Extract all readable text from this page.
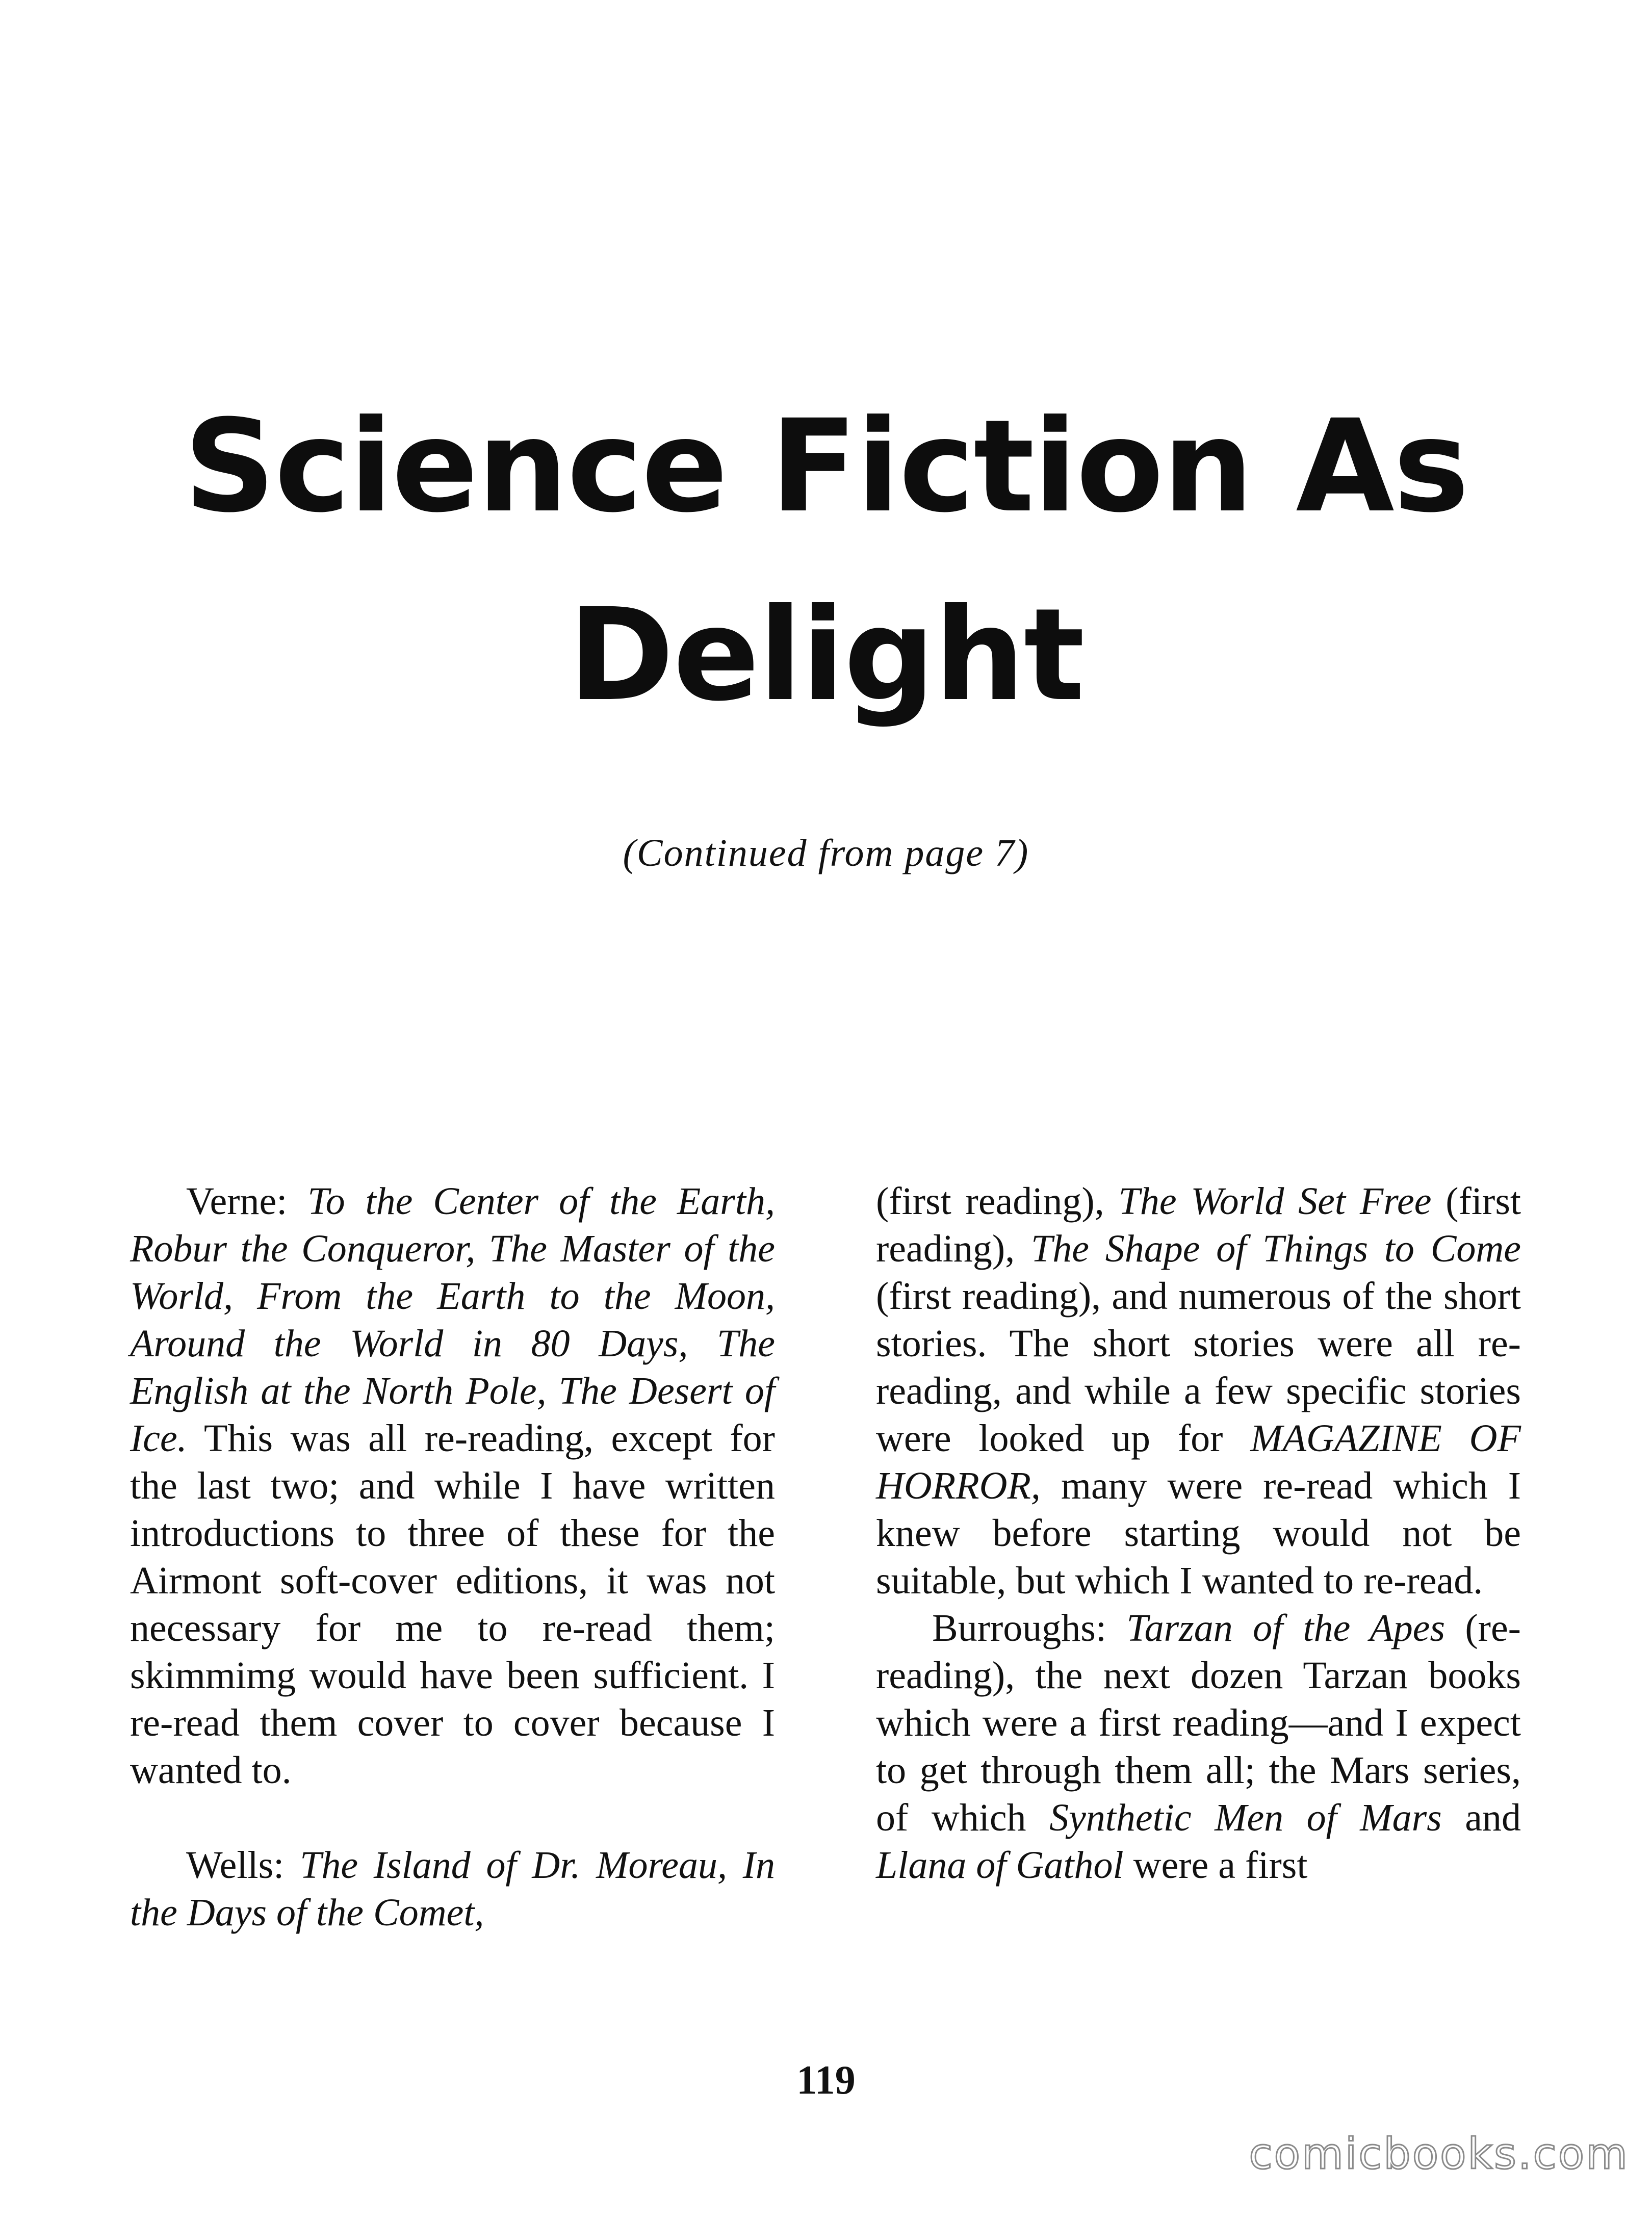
Science Fiction As
Delight
(Continued from page 7)

Verne: To the Center of the Earth, Robur the Conqueror, The Master of the World, From the Earth to the Moon, Around the World in 80 Days, The English at the North Pole, The Desert of Ice. This was all re-reading, except for the last two; and while I have written introductions to three of these for the Airmont soft-cover editions, it was not necessary for me to re-read them; skimmimg would have been sufficient. I re-read them cover to cover because I wanted to.

Wells: The Island of Dr. Moreau, In the Days of the Comet,

(first reading), The World Set Free (first reading), The Shape of Things to Come (first reading), and numerous of the short stories. The short stories were all re-reading, and while a few specific stories were looked up for MAGAZINE OF HORROR, many were re-read which I knew before starting would not be suitable, but which I wanted to re-read.

Burroughs: Tarzan of the Apes (re-reading), the next dozen Tarzan books which were a first reading—and I expect to get through them all; the Mars series, of which Synthetic Men of Mars and Llana of Gathol were a first

119
comicbooks.com
